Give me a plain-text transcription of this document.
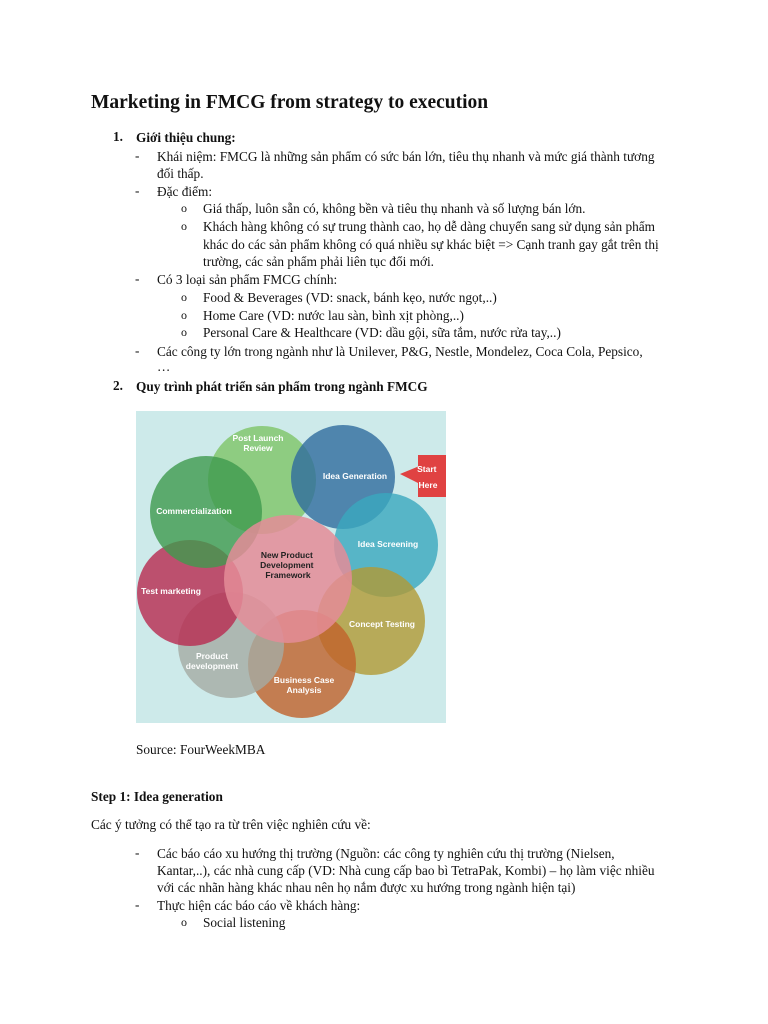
Marketing in FMCG from strategy to execution
1. Giới thiệu chung:
- Khái niệm: FMCG là những sản phẩm có sức bán lớn, tiêu thụ nhanh và mức giá thành tương
đối thấp.
- Đặc điểm:
o Giá thấp, luôn sẵn có, không bền và tiêu thụ nhanh và số lượng bán lớn.
o Khách hàng không có sự trung thành cao, họ dễ dàng chuyển sang sử dụng sản phẩm
khác do các sản phẩm không có quá nhiều sự khác biệt => Cạnh tranh gay gắt trên thị
trường, các sản phẩm phải liên tục đổi mới.
- Có 3 loại sản phẩm FMCG chính:
o Food & Beverages (VD: snack, bánh kẹo, nước ngọt,..)
o Home Care (VD: nước lau sàn, bình xịt phòng,..)
o Personal Care & Healthcare (VD: dầu gội, sữa tắm, nước rửa tay,..)
- Các công ty lớn trong ngành như là Unilever, P&G, Nestle, Mondelez, Coca Cola, Pepsico,
…
2. Quy trình phát triển sản phẩm trong ngành FMCG
Post Launch Review
Idea Generation
Idea Screening
Concept Testing
Business Case Analysis
Product development
Test marketing
Commercialization
New Product Development Framework
Start Here
Source: FourWeekMBA
Step 1: Idea generation
Các ý tưởng có thể tạo ra từ trên việc nghiên cứu về:
- Các báo cáo xu hướng thị trường (Nguồn: các công ty nghiên cứu thị trường (Nielsen,
Kantar,..), các nhà cung cấp (VD: Nhà cung cấp bao bì TetraPak, Kombi) – họ làm việc nhiều
với các nhãn hàng khác nhau nên họ nắm được xu hướng trong ngành hiện tại)
- Thực hiện các báo cáo về khách hàng:
o Social listening
